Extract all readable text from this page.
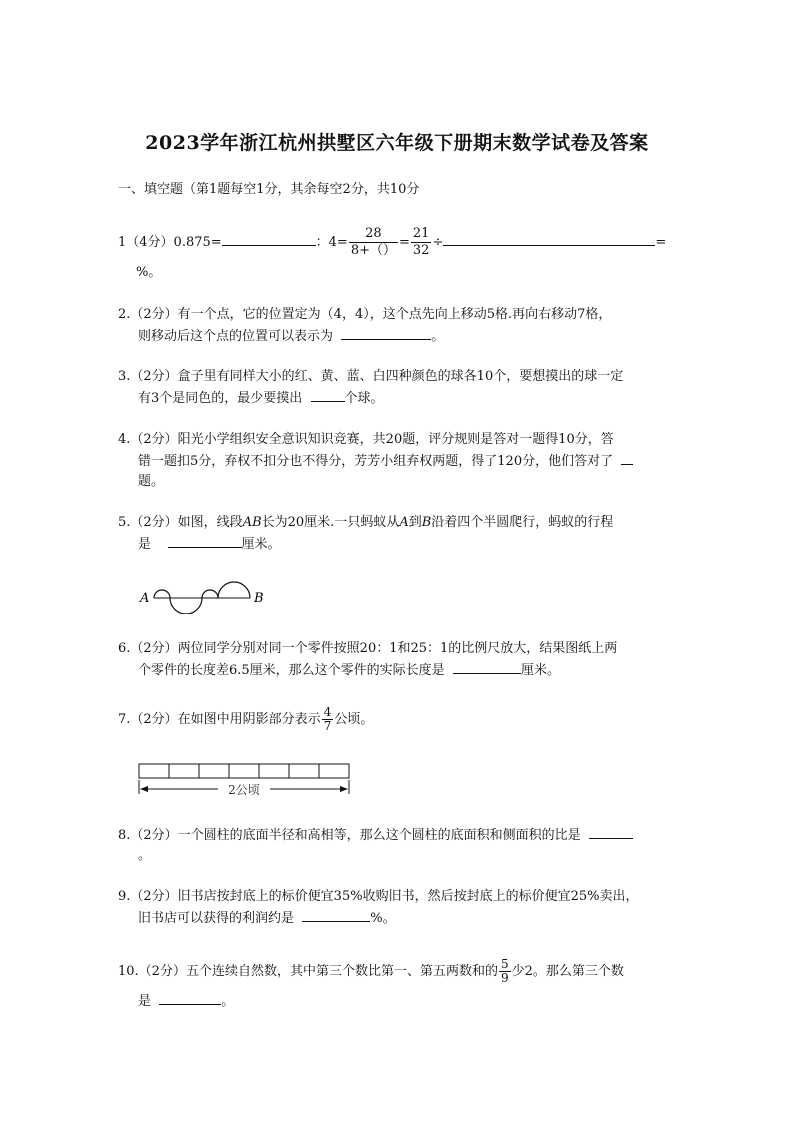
2023学年浙江杭州拱墅区六年级下册期末数学试卷及答案
一、填空题（第1题每空1分，其余每空2分，共10分
1（4分）0.875=	：$4= \frac{28}{8+()} = \frac{21}{32}$ ÷	=
%。
2.（2分）有一个点，它的位置定为（4，4），这个点先向上移动5格.再向右移动7格，
则移动后这个点的位置可以表示为	。
3.（2分）盒子里有同样大小的红、黄、蓝、白四种颜色的球各10个，要想摸出的球一定
有3个是同色的，最少要摸出	个球。
4.（2分）阳光小学组织安全意识知识竞赛，共20题，评分规则是答对一题得10分，答
错一题扣5分，弃权不扣分也不得分，芳芳小组弃权两题，得了120分，他们答对了
题。
5.（2分）如图，线段AB长为20厘米.一只蚂蚁从A到B沿着四个半圆爬行，蚂蚁的行程
是	厘米。
A	B
6.（2分）两位同学分别对同一个零件按照20：1和25：1的比例尺放大，结果图纸上两
个零件的长度差6.5厘米，那么这个零件的实际长度是	厘米。
7.（2分）在如图中用阴影部分表示 $\frac{4}{7}$ 公顷。
2公顷
8.（2分）一个圆柱的底面半径和高相等，那么这个圆柱的底面积和侧面积的比是
。
9.（2分）旧书店按封底上的标价便宜35%收购旧书，然后按封底上的标价便宜25%卖出，
旧书店可以获得的利润约是	%。
10.（2分）五个连续自然数，其中第三个数比第一、第五两数和的 $\frac{5}{9}$ 少2。那么第三个数
是	。
